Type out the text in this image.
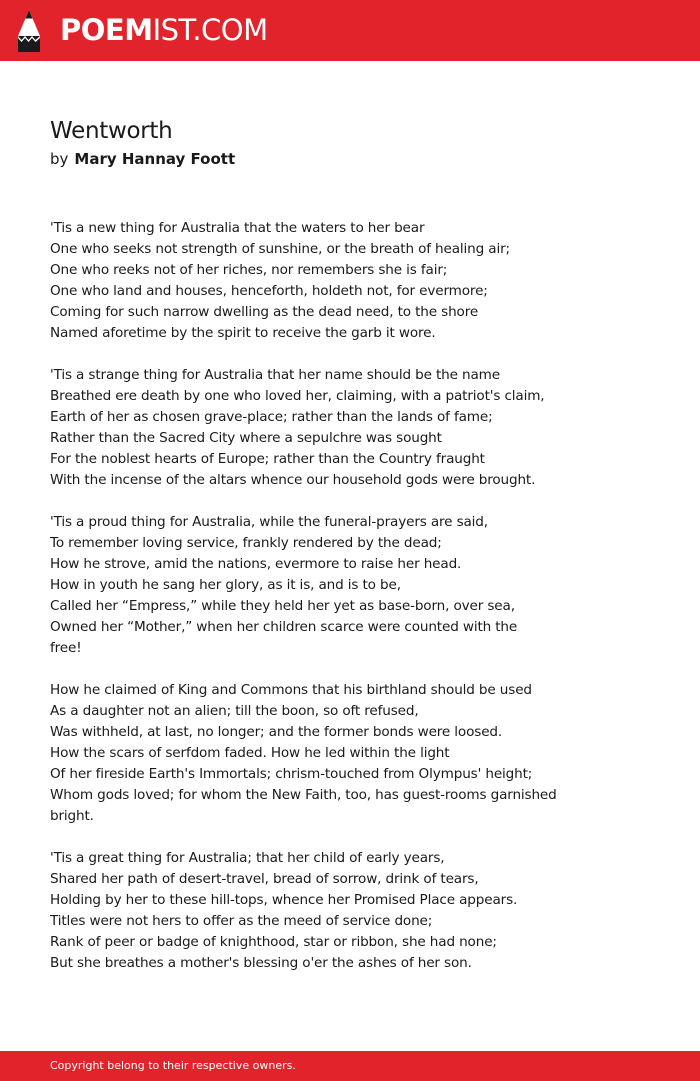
POEMIST.COM
Wentworth
by Mary Hannay Foott
'Tis a new thing for Australia that the waters to her bear
One who seeks not strength of sunshine, or the breath of healing air;
One who reeks not of her riches, nor remembers she is fair;
One who land and houses, henceforth, holdeth not, for evermore;
Coming for such narrow dwelling as the dead need, to the shore
Named aforetime by the spirit to receive the garb it wore.
'Tis a strange thing for Australia that her name should be the name
Breathed ere death by one who loved her, claiming, with a patriot's claim,
Earth of her as chosen grave-place; rather than the lands of fame;
Rather than the Sacred City where a sepulchre was sought
For the noblest hearts of Europe; rather than the Country fraught
With the incense of the altars whence our household gods were brought.
'Tis a proud thing for Australia, while the funeral-prayers are said,
To remember loving service, frankly rendered by the dead;
How he strove, amid the nations, evermore to raise her head.
How in youth he sang her glory, as it is, and is to be,
Called her “Empress,” while they held her yet as base-born, over sea,
Owned her “Mother,” when her children scarce were counted with the
free!
How he claimed of King and Commons that his birthland should be used
As a daughter not an alien; till the boon, so oft refused,
Was withheld, at last, no longer; and the former bonds were loosed.
How the scars of serfdom faded. How he led within the light
Of her fireside Earth's Immortals; chrism-touched from Olympus' height;
Whom gods loved; for whom the New Faith, too, has guest-rooms garnished
bright.
'Tis a great thing for Australia; that her child of early years,
Shared her path of desert-travel, bread of sorrow, drink of tears,
Holding by her to these hill-tops, whence her Promised Place appears.
Titles were not hers to offer as the meed of service done;
Rank of peer or badge of knighthood, star or ribbon, she had none;
But she breathes a mother's blessing o'er the ashes of her son.
Copyright belong to their respective owners.
